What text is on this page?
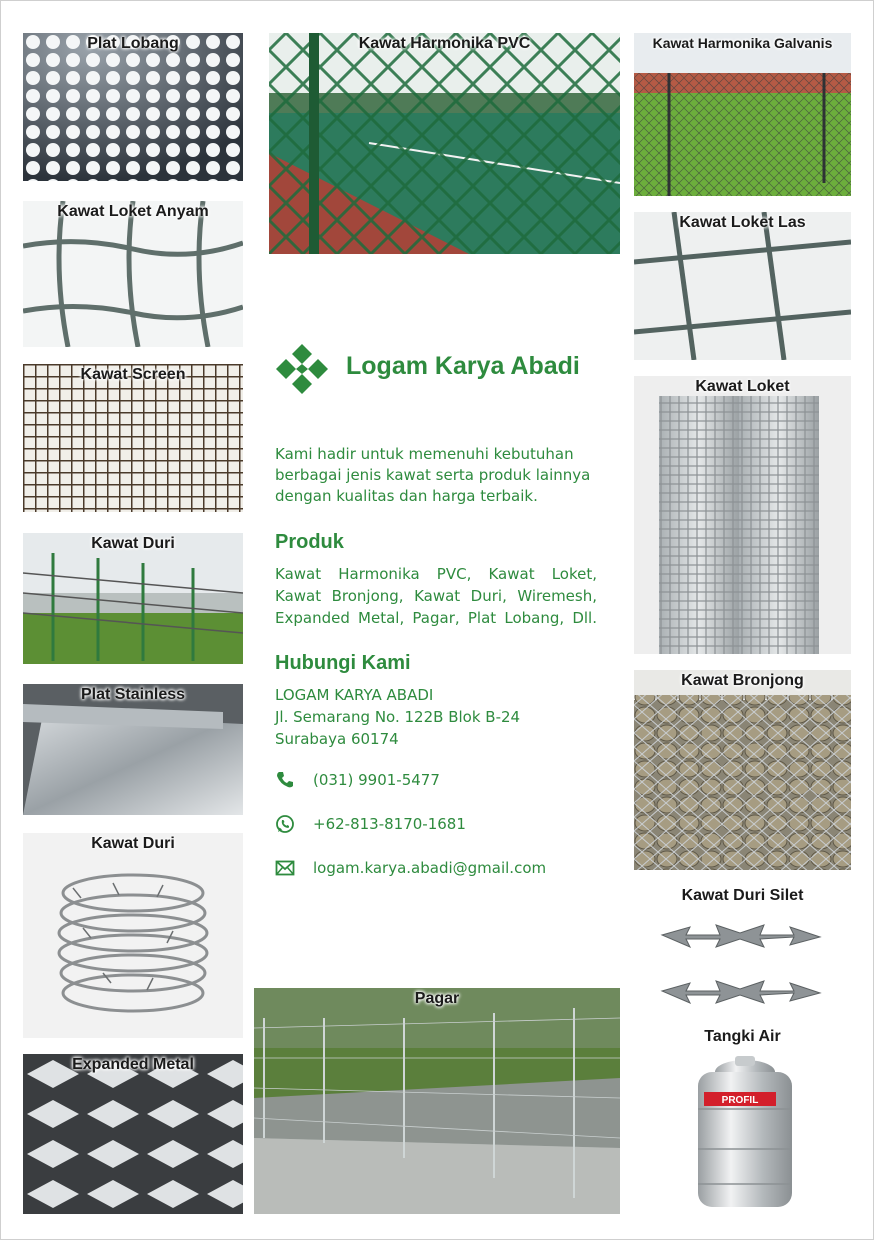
Plat Lobang
Kawat Loket Anyam
Kawat Screen
Kawat Duri
Plat Stainless
Kawat Duri
Expanded Metal
Kawat Harmonika PVC
Logam Karya Abadi
Kami hadir untuk memenuhi kebutuhan berbagai jenis kawat serta produk lainnya dengan kualitas dan harga terbaik.
Produk
Kawat Harmonika PVC, Kawat Loket, Kawat Bronjong, Kawat Duri, Wiremesh, Expanded Metal, Pagar, Plat Lobang, Dll.
Hubungi Kami
LOGAM KARYA ABADI
Jl. Semarang No. 122B Blok B-24
Surabaya 60174
(031) 9901-5477
+62-813-8170-1681
logam.karya.abadi@gmail.com
Pagar
Kawat Harmonika Galvanis
Kawat Loket Las
Kawat Loket
Kawat Bronjong
Kawat Duri Silet
Tangki Air
PROFIL
